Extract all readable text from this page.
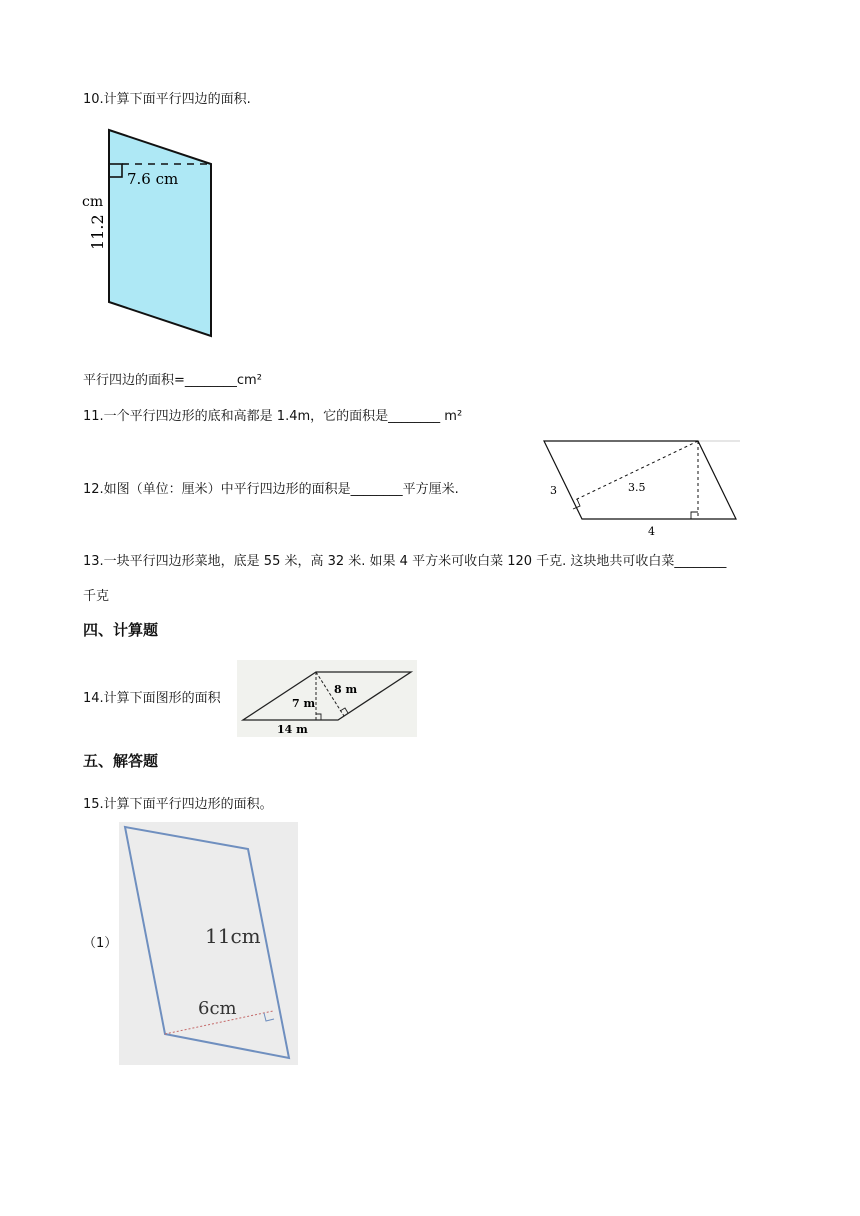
10.计算下面平行四边的面积.
7.6 cm
cm
11.2
平行四边的面积=________cm²
11.一个平行四边形的底和高都是 1.4m，它的面积是________ m²
12.如图（单位：厘米）中平行四边形的面积是________平方厘米.	3	3.5
4
13.一块平行四边形菜地，底是 55 米，高 32 米. 如果 4 平方米可收白菜 120 千克. 这块地共可收白菜________
千克
四、计算题
14.计算下面图形的面积	7 m
8 m
14 m
五、解答题
15.计算下面平行四边形的面积。
（1）	11cm
6cm
